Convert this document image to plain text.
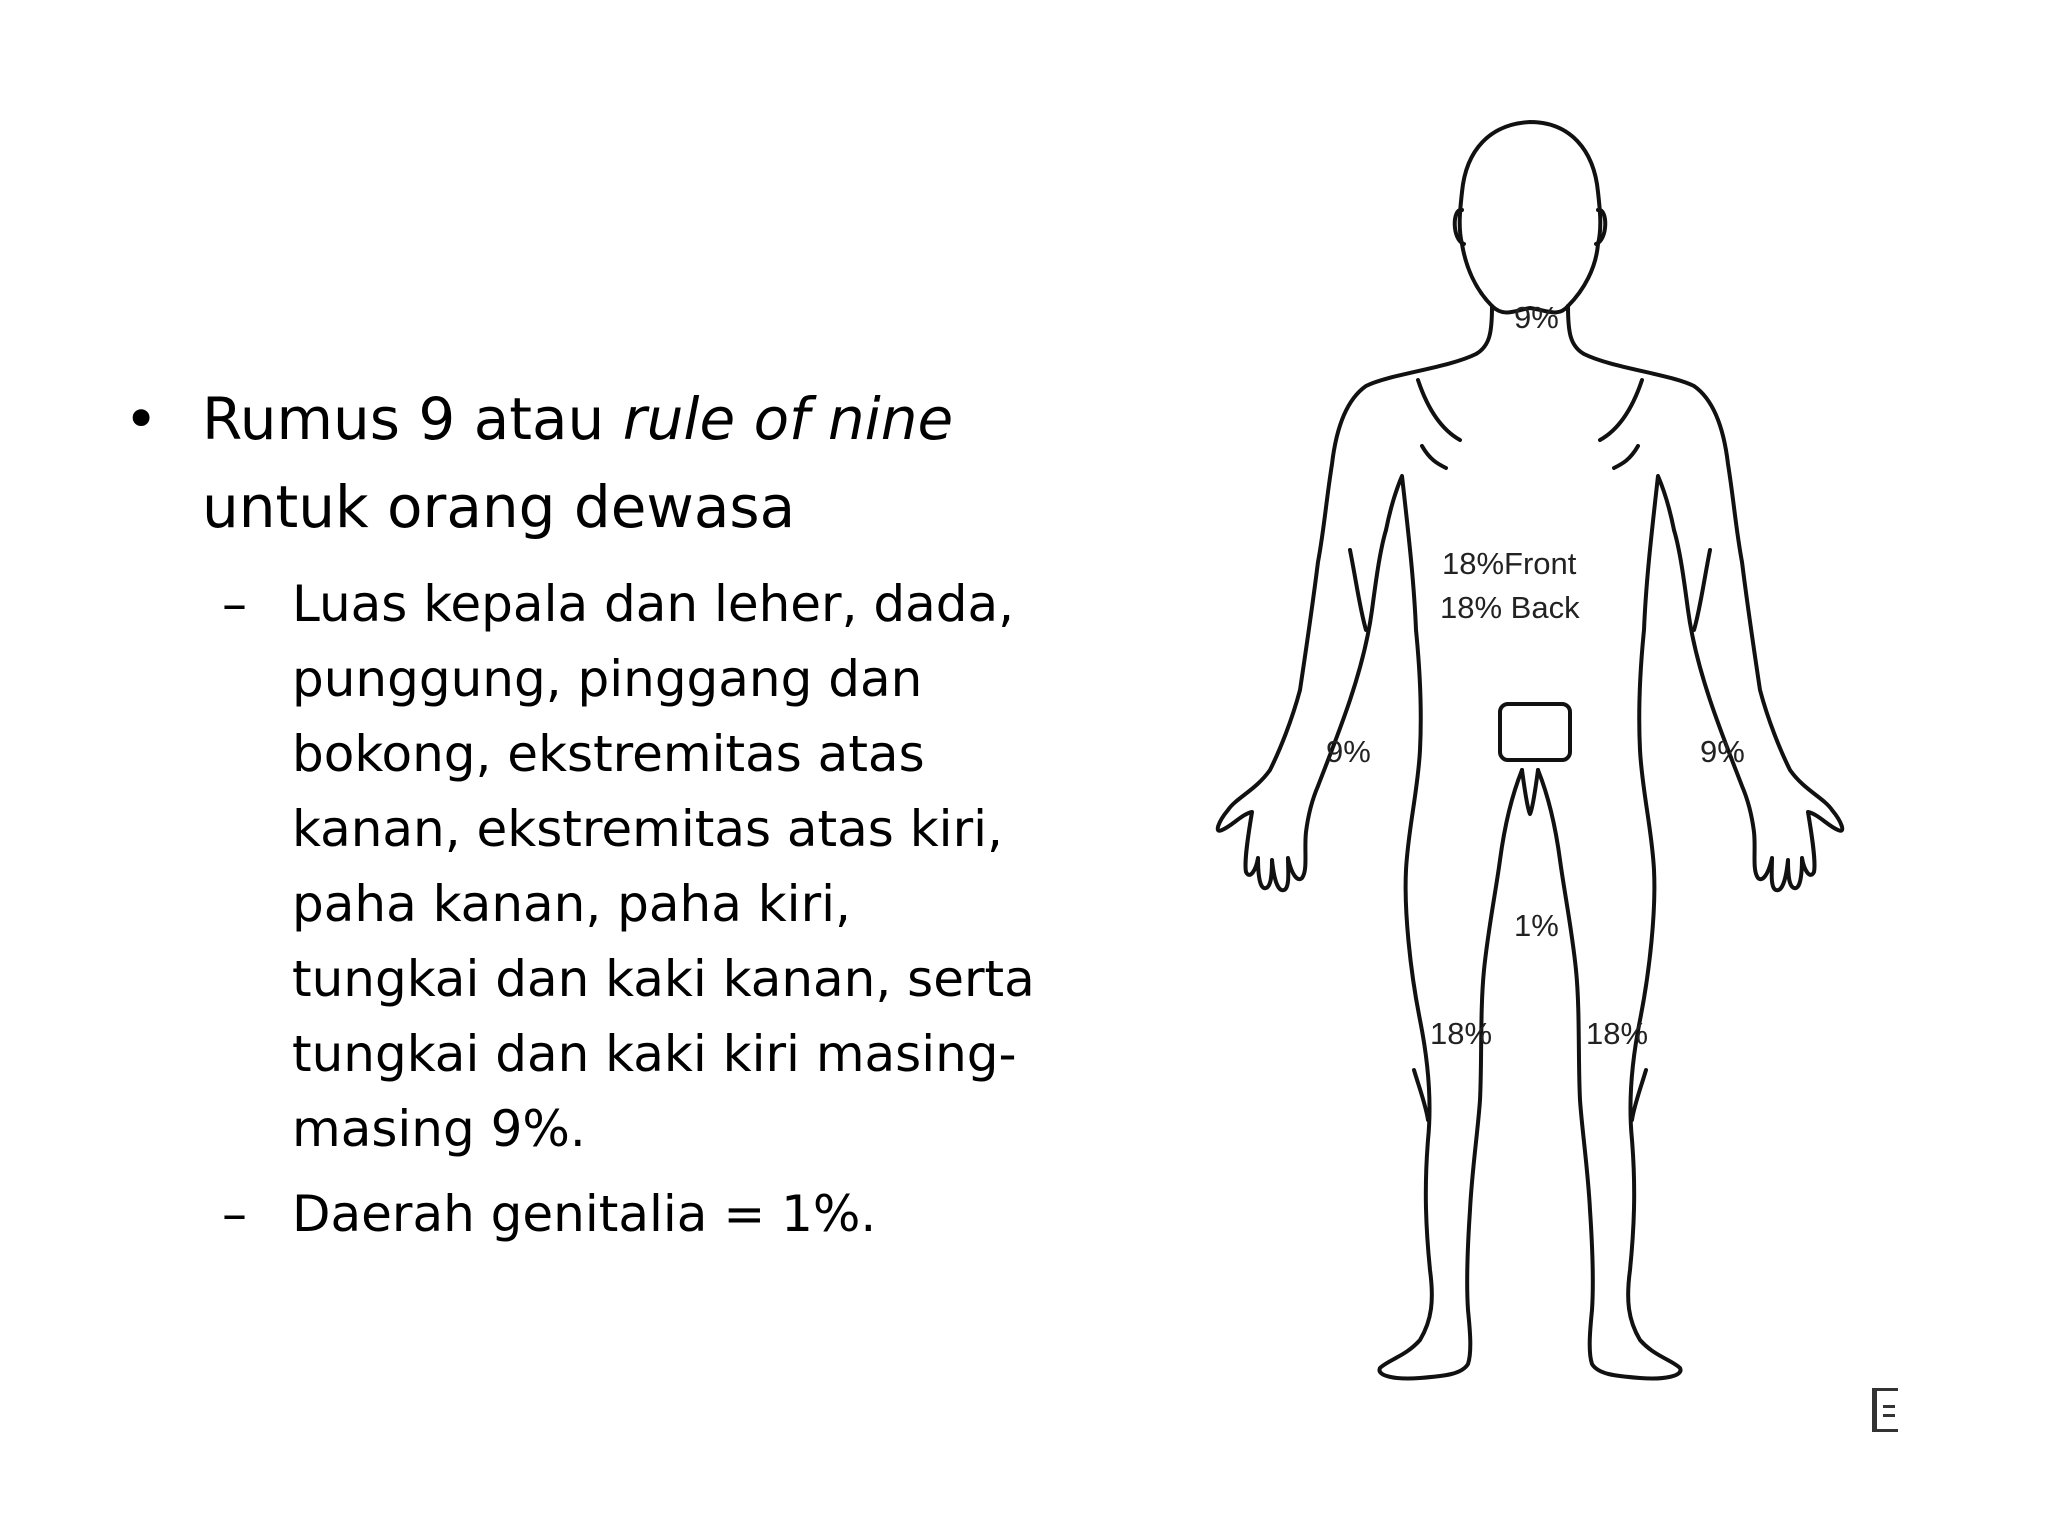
• Rumus 9 atau rule of nine
untuk orang dewasa
– Luas kepala dan leher, dada, punggung, pinggang dan bokong, ekstremitas atas kanan, ekstremitas atas kiri, paha kanan, paha kiri, tungkai dan kaki kanan, serta tungkai dan kaki kiri masing-masing 9%.
– Daerah genitalia = 1%.
9%
18%Front
18% Back
9%	9%
1%
18%	18%
